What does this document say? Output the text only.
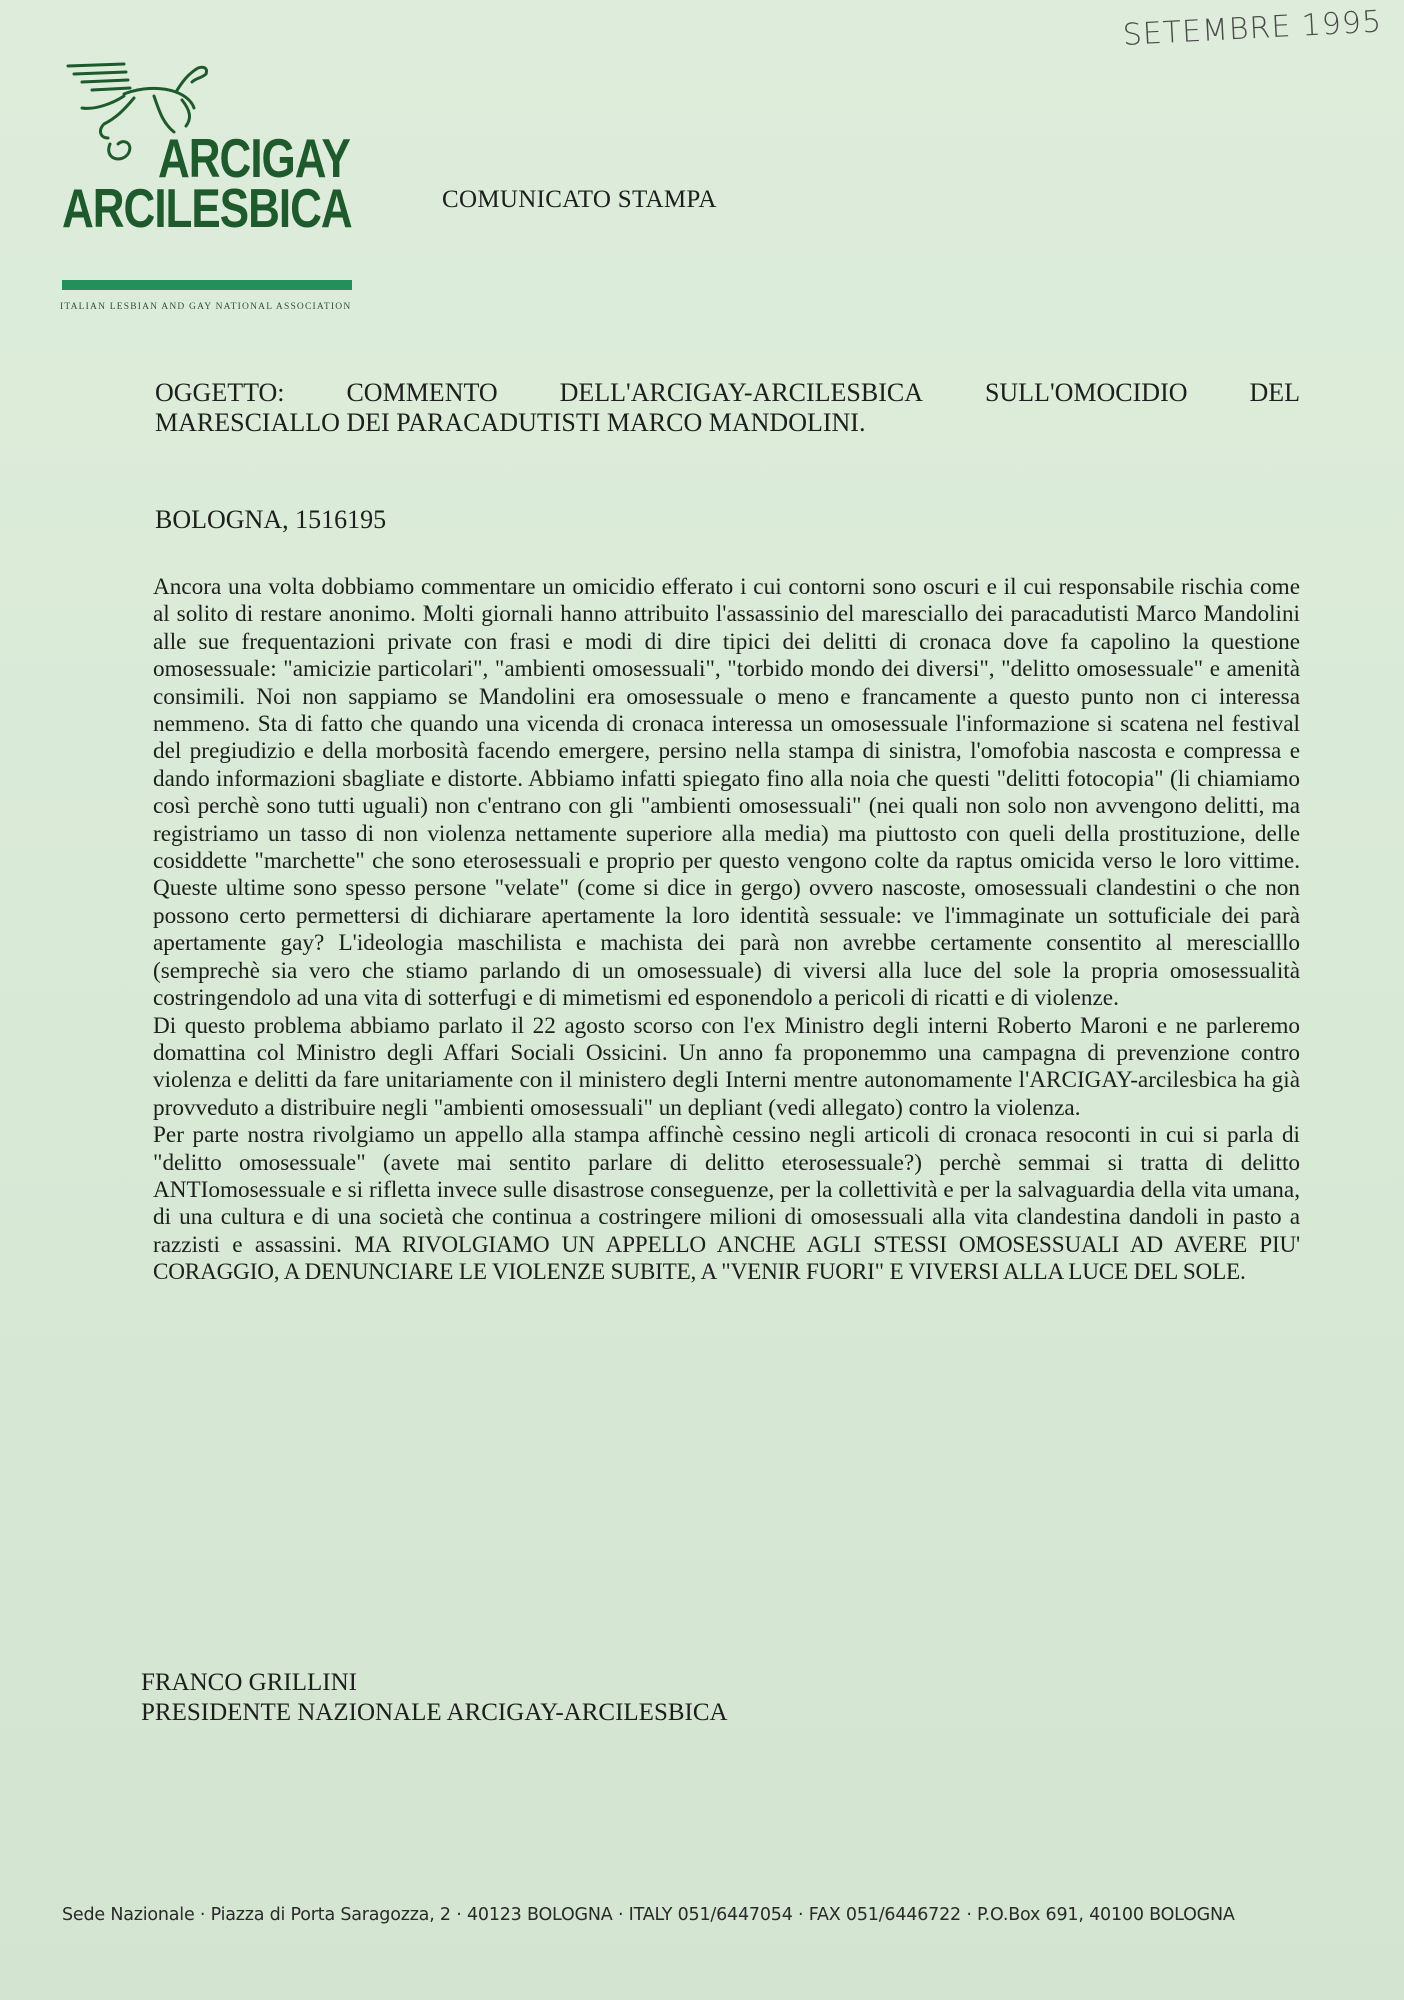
SETEMBRE 1995
ARCIGAY
ARCILESBICA
ITALIAN LESBIAN AND GAY NATIONAL ASSOCIATION
COMUNICATO STAMPA
OGGETTO: COMMENTO DELL'ARCIGAY-ARCILESBICA SULL'OMOCIDIO DEL
MARESCIALLO DEI PARACADUTISTI MARCO MANDOLINI.
BOLOGNA, 1516195

Ancora una volta dobbiamo commentare un omicidio efferato i cui contorni sono oscuri e il cui responsabile rischia come al solito di restare anonimo. Molti giornali hanno attribuito l'assassinio del maresciallo dei paracadutisti Marco Mandolini alle sue frequentazioni private con frasi e modi di dire tipici dei delitti di cronaca dove fa capolino la questione omosessuale: "amicizie particolari", "ambienti omosessuali", "torbido mondo dei diversi", "delitto omosessuale" e amenità consimili. Noi non sappiamo se Mandolini era omosessuale o meno e francamente a questo punto non ci interessa nemmeno. Sta di fatto che quando una vicenda di cronaca interessa un omosessuale l'informazione si scatena nel festival del pregiudizio e della morbosità facendo emergere, persino nella stampa di sinistra, l'omofobia nascosta e compressa e dando informazioni sbagliate e distorte. Abbiamo infatti spiegato fino alla noia che questi "delitti fotocopia" (li chiamiamo così perchè sono tutti uguali) non c'entrano con gli "ambienti omosessuali" (nei quali non solo non avvengono delitti, ma registriamo un tasso di non violenza nettamente superiore alla media) ma piuttosto con queli della prostituzione, delle cosiddette "marchette" che sono eterosessuali e proprio per questo vengono colte da raptus omicida verso le loro vittime. Queste ultime sono spesso persone "velate" (come si dice in gergo) ovvero nascoste, omosessuali clandestini o che non possono certo permettersi di dichiarare apertamente la loro identità sessuale: ve l'immaginate un sottuficiale dei parà apertamente gay? L'ideologia maschilista e machista dei parà non avrebbe certamente consentito al merescialllo (semprechè sia vero che stiamo parlando di un omosessuale) di viversi alla luce del sole la propria omosessualità costringendolo ad una vita di sotterfugi e di mimetismi ed esponendolo a pericoli di ricatti e di violenze.

Di questo problema abbiamo parlato il 22 agosto scorso con l'ex Ministro degli interni Roberto Maroni e ne parleremo domattina col Ministro degli Affari Sociali Ossicini. Un anno fa proponemmo una campagna di prevenzione contro violenza e delitti da fare unitariamente con il ministero degli Interni mentre autonomamente l'ARCIGAY-arcilesbica ha già provveduto a distribuire negli "ambienti omosessuali" un depliant (vedi allegato) contro la violenza.

Per parte nostra rivolgiamo un appello alla stampa affinchè cessino negli articoli di cronaca resoconti in cui si parla di "delitto omosessuale" (avete mai sentito parlare di delitto eterosessuale?) perchè semmai si tratta di delitto ANTIomosessuale e si rifletta invece sulle disastrose conseguenze, per la collettività e per la salvaguardia della vita umana, di una cultura e di una società che continua a costringere milioni di omosessuali alla vita clandestina dandoli in pasto a razzisti e assassini. MA RIVOLGIAMO UN APPELLO ANCHE AGLI STESSI OMOSESSUALI AD AVERE PIU' CORAGGIO, A DENUNCIARE LE VIOLENZE SUBITE, A "VENIR FUORI" E VIVERSI ALLA LUCE DEL SOLE.

FRANCO GRILLINI
PRESIDENTE NAZIONALE ARCIGAY-ARCILESBICA
Sede Nazionale · Piazza di Porta Saragozza, 2 · 40123 BOLOGNA · ITALY 051/6447054 · FAX 051/6446722 · P.O.Box 691, 40100 BOLOGNA
